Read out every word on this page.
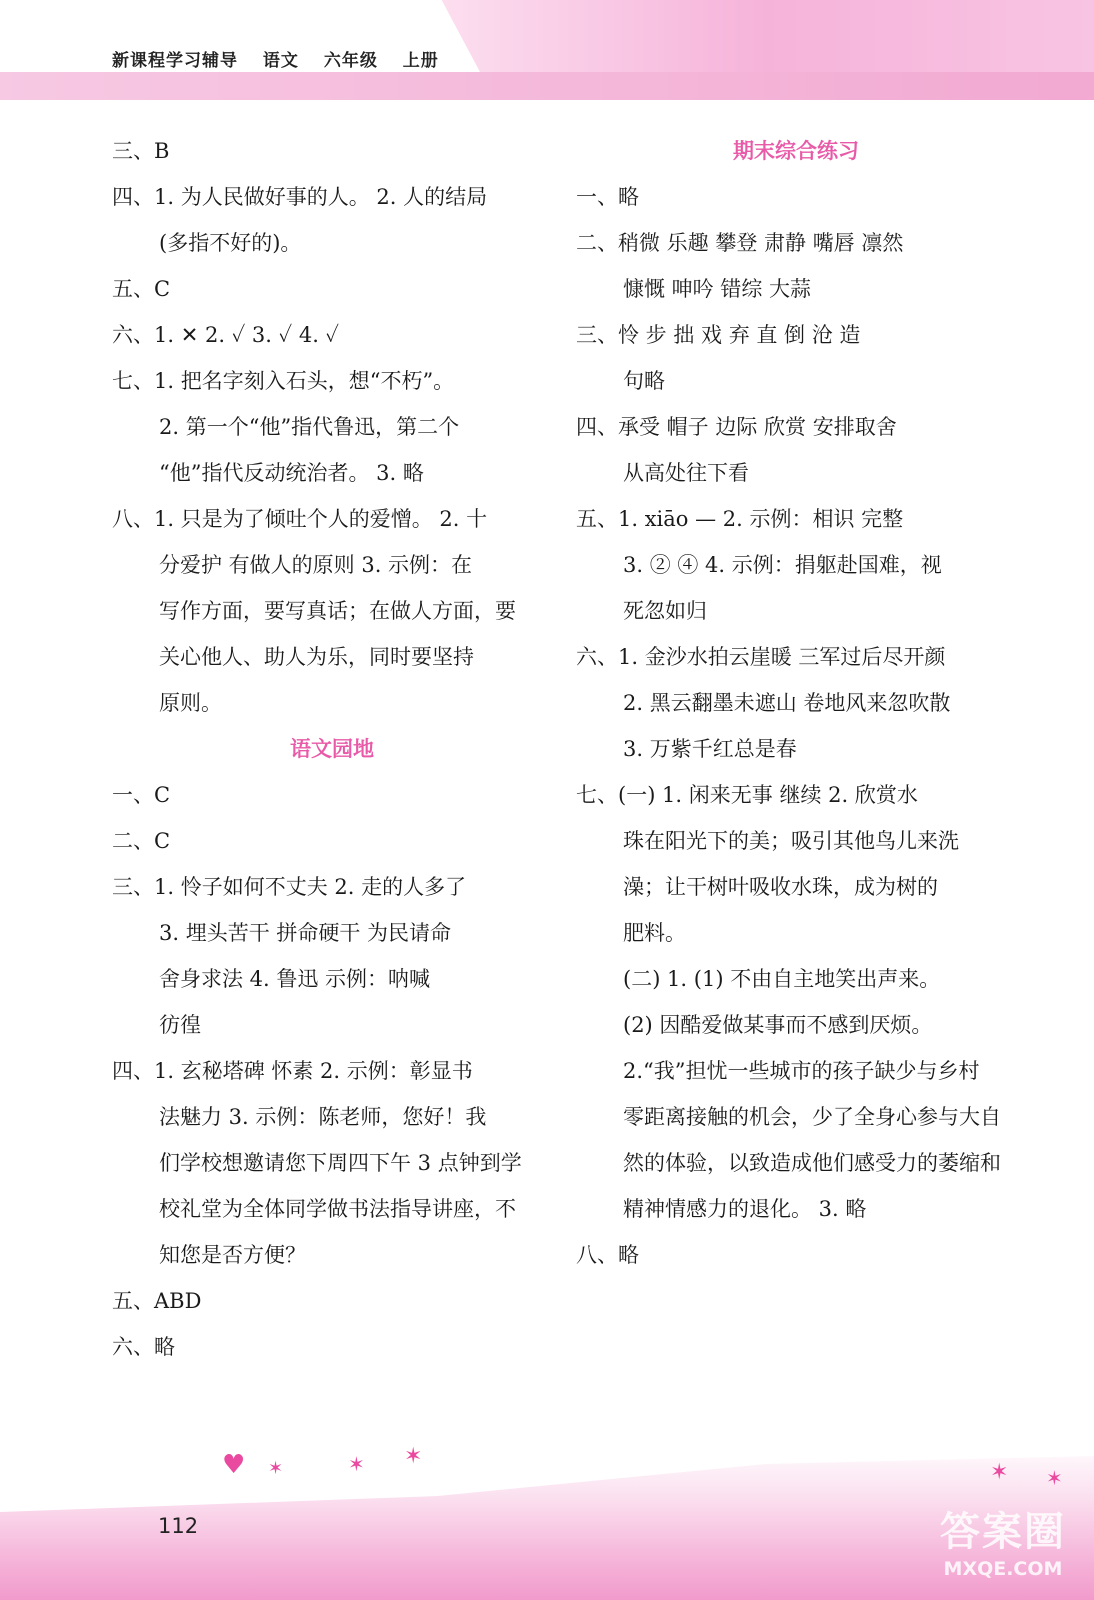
新课程学习辅导 语文 六年级 上册
三、B
四、1. 为人民做好事的人。 2. 人的结局
(多指不好的)。
五、C
六、1. ✕ 2. ✓ 3. ✓ 4. ✓
七、1. 把名字刻入石头，想“不朽”。
2. 第一个“他”指代鲁迅，第二个
“他”指代反动统治者。 3. 略
八、1. 只是为了倾吐个人的爱憎。 2. 十
分爱护 有做人的原则 3. 示例：在
写作方面，要写真话；在做人方面，要
关心他人、助人为乐，同时要坚持
原则。
语文园地
一、C
二、C
三、1. 怜子如何不丈夫 2. 走的人多了
3. 埋头苦干 拼命硬干 为民请命
舍身求法 4. 鲁迅 示例：呐喊
彷徨
四、1. 玄秘塔碑 怀素 2. 示例：彰显书
法魅力 3. 示例：陈老师，您好！我
们学校想邀请您下周四下午 3 点钟到学
校礼堂为全体同学做书法指导讲座，不
知您是否方便？
五、ABD
六、略
期末综合练习
一、略
二、稍微 乐趣 攀登 肃静 嘴唇 凛然
慷慨 呻吟 错综 大蒜
三、怜 步 拙 戏 弃 直 倒 沧 造
句略
四、承受 帽子 边际 欣赏 安排取舍
从高处往下看
五、1. xiāo — 2. 示例：相识 完整
3. ② ④ 4. 示例：捐躯赴国难，视
死忽如归
六、1. 金沙水拍云崖暖 三军过后尽开颜
2. 黑云翻墨未遮山 卷地风来忽吹散
3. 万紫千红总是春
七、(一) 1. 闲来无事 继续 2. 欣赏水
珠在阳光下的美；吸引其他鸟儿来洗
澡；让干树叶吸收水珠，成为树的
肥料。
(二) 1. (1) 不由自主地笑出声来。
(2) 因酷爱做某事而不感到厌烦。
2.“我”担忧一些城市的孩子缺少与乡村
零距离接触的机会，少了全身心参与大自
然的体验，以致造成他们感受力的萎缩和
精神情感力的退化。 3. 略
八、略
♥ ✶	✶ ✶
✶ ✶
112	答案圈
MXQE.COM
